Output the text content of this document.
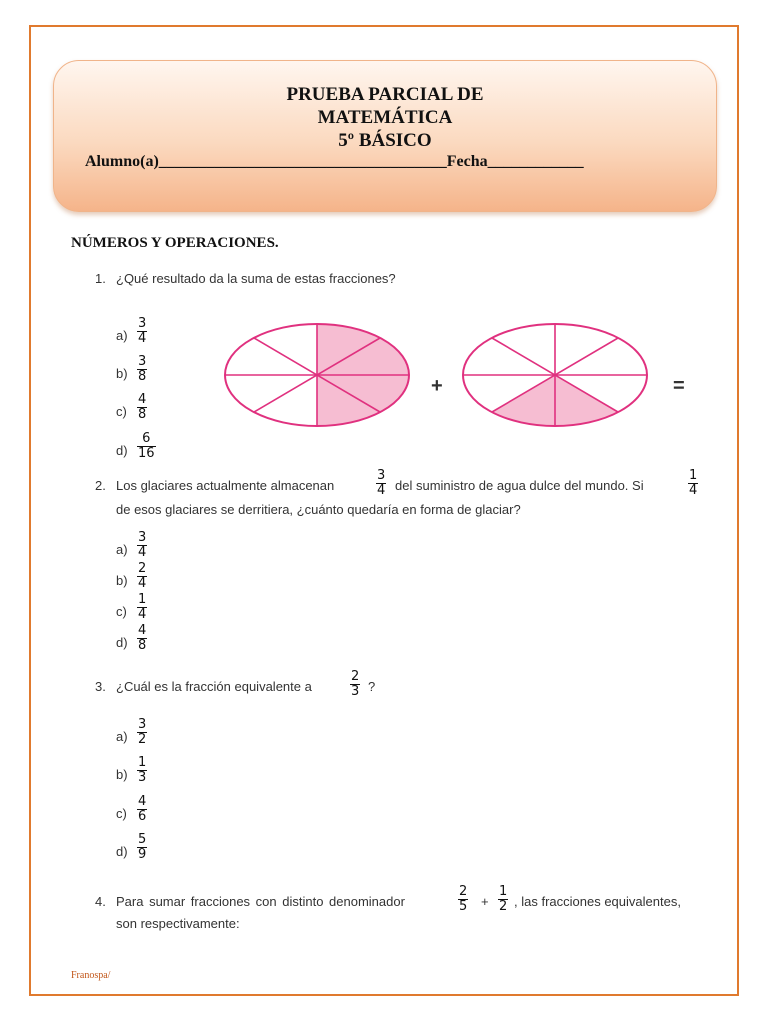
PRUEBA PARCIAL DE
MATEMÁTICA
5º BÁSICO
Alumno(a)____________________________________Fecha____________
NÚMEROS Y OPERACIONES.
1. ¿Qué resultado da la suma de estas fracciones?
$a) \frac{3}{4}$
$b) \frac{3}{8}$
$c) \frac{4}{8}$
$d) \frac{6}{16}$
+	=
2. Los glaciares actualmente almacenan	$\frac{3}{4}$ del suministro de agua dulce del mundo. Si	$\frac{1}{4}$
de esos glaciares se derritiera, ¿cuánto quedaría en forma de glaciar?
$a) \frac{3}{4}$
$b) \frac{2}{4}$
$c) \frac{1}{4}$
$d) \frac{4}{8}$
3. ¿Cuál es la fracción equivalente a	$\frac{2}{3}$ ?
$a) \frac{3}{2}$
$b) \frac{1}{3}$
$c) \frac{4}{6}$
$d) \frac{5}{9}$
4. Para sumar fracciones con distinto denominador	$\frac{2}{5} + \frac{1}{2}$ , las fracciones equivalentes,
son respectivamente:
Franospa/
